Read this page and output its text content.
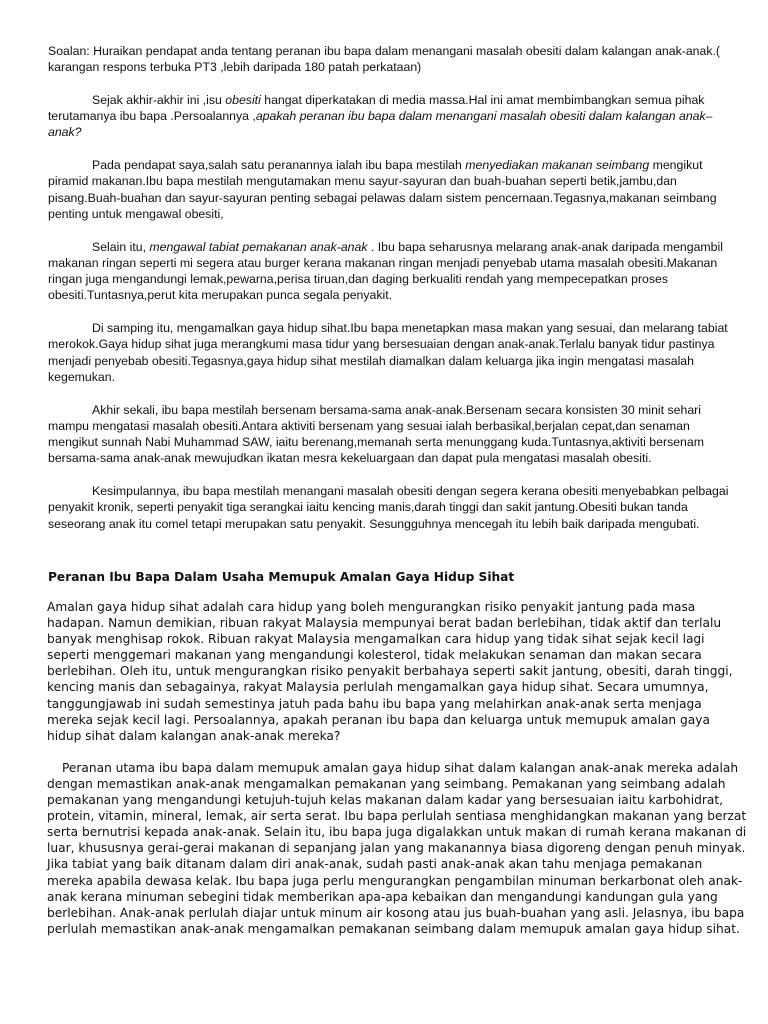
Soalan: Huraikan pendapat anda tentang peranan ibu bapa dalam menangani masalah obesiti dalam kalangan anak-anak.( karangan respons terbuka PT3 ,lebih daripada 180 patah perkataan)

Sejak akhir-akhir ini ,isu obesiti hangat diperkatakan di media massa.Hal ini amat membimbangkan semua pihak terutamanya ibu bapa .Persoalannya ,apakah peranan ibu bapa dalam menangani masalah obesiti dalam kalangan anak–anak?

Pada pendapat saya,salah satu peranannya ialah ibu bapa mestilah menyediakan makanan seimbang mengikut piramid makanan.Ibu bapa mestilah mengutamakan menu sayur-sayuran dan buah-buahan seperti betik,jambu,dan pisang.Buah-buahan dan sayur-sayuran penting sebagai pelawas dalam sistem pencernaan.Tegasnya,makanan seimbang penting untuk mengawal obesiti,

Selain itu, mengawal tabiat pemakanan anak-anak . Ibu bapa seharusnya melarang anak-anak daripada mengambil makanan ringan seperti mi segera atau burger kerana makanan ringan menjadi penyebab utama masalah obesiti.Makanan ringan juga mengandungi lemak,pewarna,perisa tiruan,dan daging berkualiti rendah yang mempecepatkan proses obesiti.Tuntasnya,perut kita merupakan punca segala penyakit.

Di samping itu, mengamalkan gaya hidup sihat.Ibu bapa menetapkan masa makan yang sesuai, dan melarang tabiat merokok.Gaya hidup sihat juga merangkumi masa tidur yang bersesuaian dengan anak-anak.Terlalu banyak tidur pastinya menjadi penyebab obesiti.Tegasnya,gaya hidup sihat mestilah diamalkan dalam keluarga jika ingin mengatasi masalah kegemukan.

Akhir sekali, ibu bapa mestilah bersenam bersama-sama anak-anak.Bersenam secara konsisten 30 minit sehari mampu mengatasi masalah obesiti.Antara aktiviti bersenam yang sesuai ialah berbasikal,berjalan cepat,dan senaman mengikut sunnah Nabi Muhammad SAW, iaitu berenang,memanah serta menunggang kuda.Tuntasnya,aktiviti bersenam bersama-sama anak-anak mewujudkan ikatan mesra kekeluargaan dan dapat pula mengatasi masalah obesiti.

Kesimpulannya, ibu bapa mestilah menangani masalah obesiti dengan segera kerana obesiti menyebabkan pelbagai penyakit kronik, seperti penyakit tiga serangkai iaitu kencing manis,darah tinggi dan sakit jantung.Obesiti bukan tanda seseorang anak itu comel tetapi merupakan satu penyakit. Sesungguhnya mencegah itu lebih baik daripada mengubati.

Peranan Ibu Bapa Dalam Usaha Memupuk Amalan Gaya Hidup Sihat

Amalan gaya hidup sihat adalah cara hidup yang boleh mengurangkan risiko penyakit jantung pada masa hadapan. Namun demikian, ribuan rakyat Malaysia mempunyai berat badan berlebihan, tidak aktif dan terlalu banyak menghisap rokok. Ribuan rakyat Malaysia mengamalkan cara hidup yang tidak sihat sejak kecil lagi seperti menggemari makanan yang mengandungi kolesterol, tidak melakukan senaman dan makan secara berlebihan. Oleh itu, untuk mengurangkan risiko penyakit berbahaya seperti sakit jantung, obesiti, darah tinggi, kencing manis dan sebagainya, rakyat Malaysia perlulah mengamalkan gaya hidup sihat. Secara umumnya, tanggungjawab ini sudah semestinya jatuh pada bahu ibu bapa yang melahirkan anak-anak serta menjaga mereka sejak kecil lagi. Persoalannya, apakah peranan ibu bapa dan keluarga untuk memupuk amalan gaya hidup sihat dalam kalangan anak-anak mereka?

Peranan utama ibu bapa dalam memupuk amalan gaya hidup sihat dalam kalangan anak-anak mereka adalah dengan memastikan anak-anak mengamalkan pemakanan yang seimbang. Pemakanan yang seimbang adalah pemakanan yang mengandungi ketujuh-tujuh kelas makanan dalam kadar yang bersesuaian iaitu karbohidrat, protein, vitamin, mineral, lemak, air serta serat. Ibu bapa perlulah sentiasa menghidangkan makanan yang berzat serta bernutrisi kepada anak-anak. Selain itu, ibu bapa juga digalakkan untuk makan di rumah kerana makanan di luar, khususnya gerai-gerai makanan di sepanjang jalan yang makanannya biasa digoreng dengan penuh minyak. Jika tabiat yang baik ditanam dalam diri anak-anak, sudah pasti anak-anak akan tahu menjaga pemakanan mereka apabila dewasa kelak. Ibu bapa juga perlu mengurangkan pengambilan minuman berkarbonat oleh anak-anak kerana minuman sebegini tidak memberikan apa-apa kebaikan dan mengandungi kandungan gula yang berlebihan. Anak-anak perlulah diajar untuk minum air kosong atau jus buah-buahan yang asli. Jelasnya, ibu bapa perlulah memastikan anak-anak mengamalkan pemakanan seimbang dalam memupuk amalan gaya hidup sihat.
